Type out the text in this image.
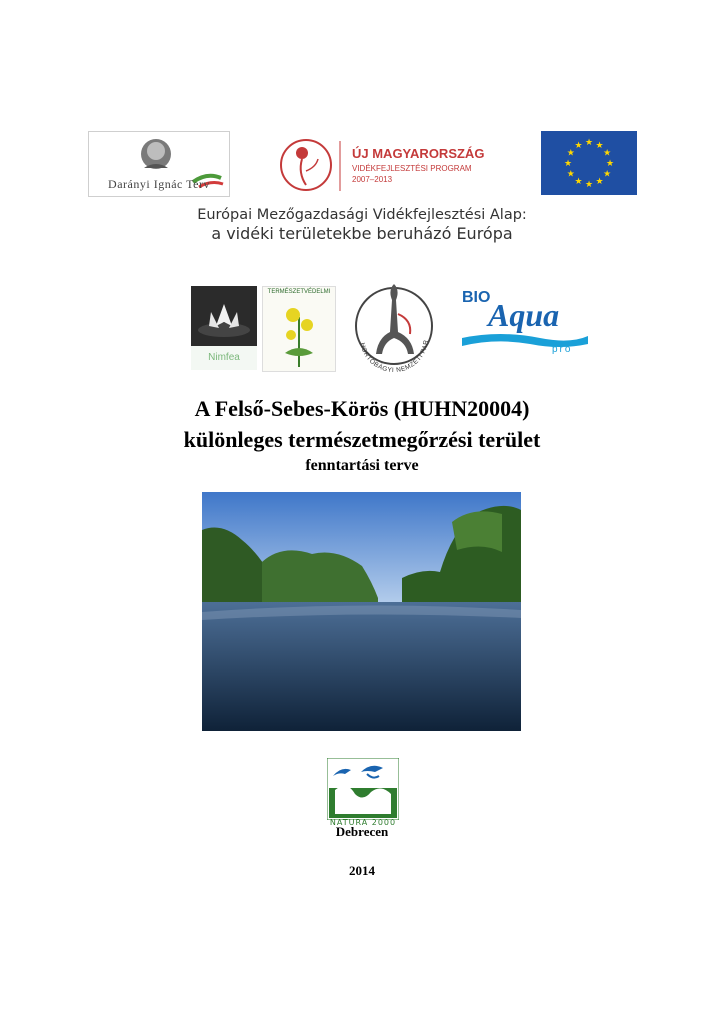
Darányi Ignác Terv
ÚJ MAGYARORSZÁG
VIDÉKFEJLESZTÉSI PROGRAM
2007–2013
★ ★
★
★
★
★
★
★
★
★
★
★
Európai Mezőgazdasági Vidékfejlesztési Alap:
a vidéki területekbe beruházó Európa
Nimfea
TERMÉSZETVÉDELMI
HORTOBÁGYI NEMZETI PAR
BIO
Aqua
pro
A Felső-Sebes-Körös (HUHN20004)
különleges természetmegőrzési terület
fenntartási terve
NATURA 2000
Debrecen
2014
